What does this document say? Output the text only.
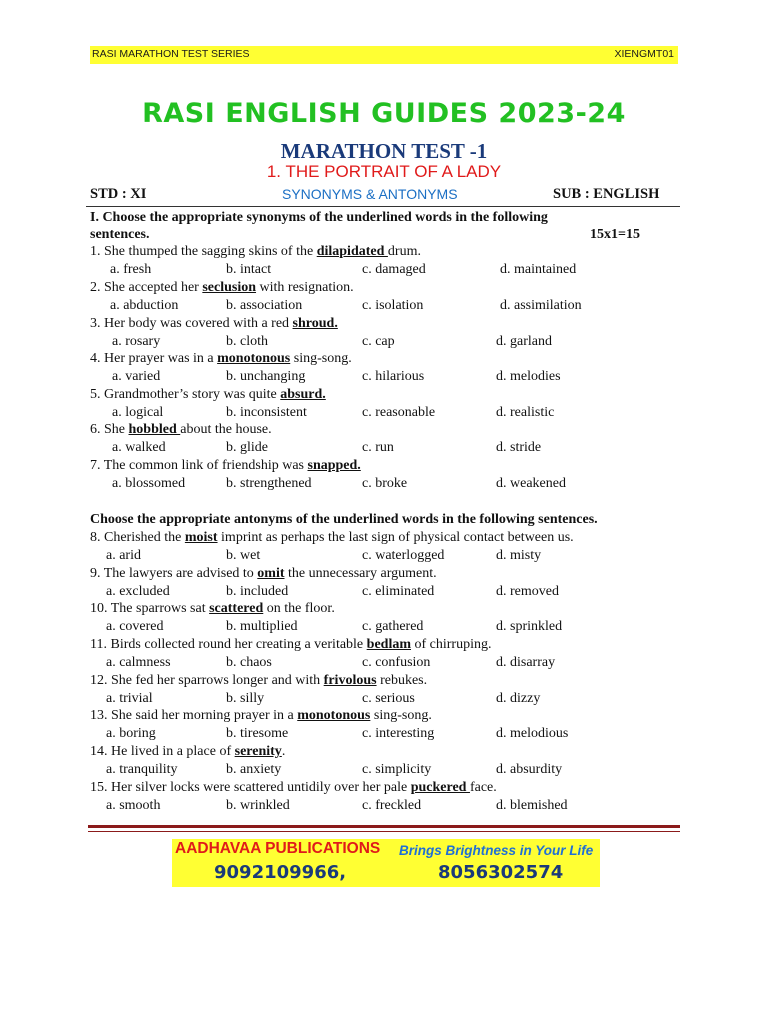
RASI MARATHON TEST SERIES	XIENGMT01
RASI ENGLISH GUIDES 2023-24
MARATHON TEST -1
1. THE PORTRAIT OF A LADY
STD : XI	SYNONYMS & ANTONYMS	SUB : ENGLISH
I. Choose the appropriate synonyms of the underlined words in the following
sentences.	15x1=15
Choose the appropriate antonyms of the underlined words in the following sentences.
1. She thumped the sagging skins of the dilapidated drum.
a. fresh	b. intact	c. damaged	d. maintained
2. She accepted her seclusion with resignation.
a. abduction	b. association	c. isolation	d. assimilation
3. Her body was covered with a red shroud.
a. rosary	b. cloth	c. cap	d. garland
4. Her prayer was in a monotonous sing-song.
a. varied	b. unchanging	c. hilarious	d. melodies
5. Grandmother’s story was quite absurd.
a. logical	b. inconsistent	c. reasonable	d. realistic
6. She hobbled about the house.
a. walked	b. glide	c. run	d. stride
7. The common link of friendship was snapped.
a. blossomed	b. strengthened	c. broke	d. weakened
8. Cherished the moist imprint as perhaps the last sign of physical contact between us.
a. arid	b. wet	c. waterlogged	d. misty
9. The lawyers are advised to omit the unnecessary argument.
a. excluded	b. included	c. eliminated	d. removed
10. The sparrows sat scattered on the floor.
a. covered	b. multiplied	c. gathered	d. sprinkled
11. Birds collected round her creating a veritable bedlam of chirruping.
a. calmness	b. chaos	c. confusion	d. disarray
12. She fed her sparrows longer and with frivolous rebukes.
a. trivial	b. silly	c. serious	d. dizzy
13. She said her morning prayer in a monotonous sing-song.
a. boring	b. tiresome	c. interesting	d. melodious
14. He lived in a place of serenity.
a. tranquility	b. anxiety	c. simplicity	d. absurdity
15. Her silver locks were scattered untidily over her pale puckered face.
a. smooth	b. wrinkled	c. freckled	d. blemished
AADHAVAA PUBLICATIONS Brings Brightness in Your Life
9092109966,	8056302574
